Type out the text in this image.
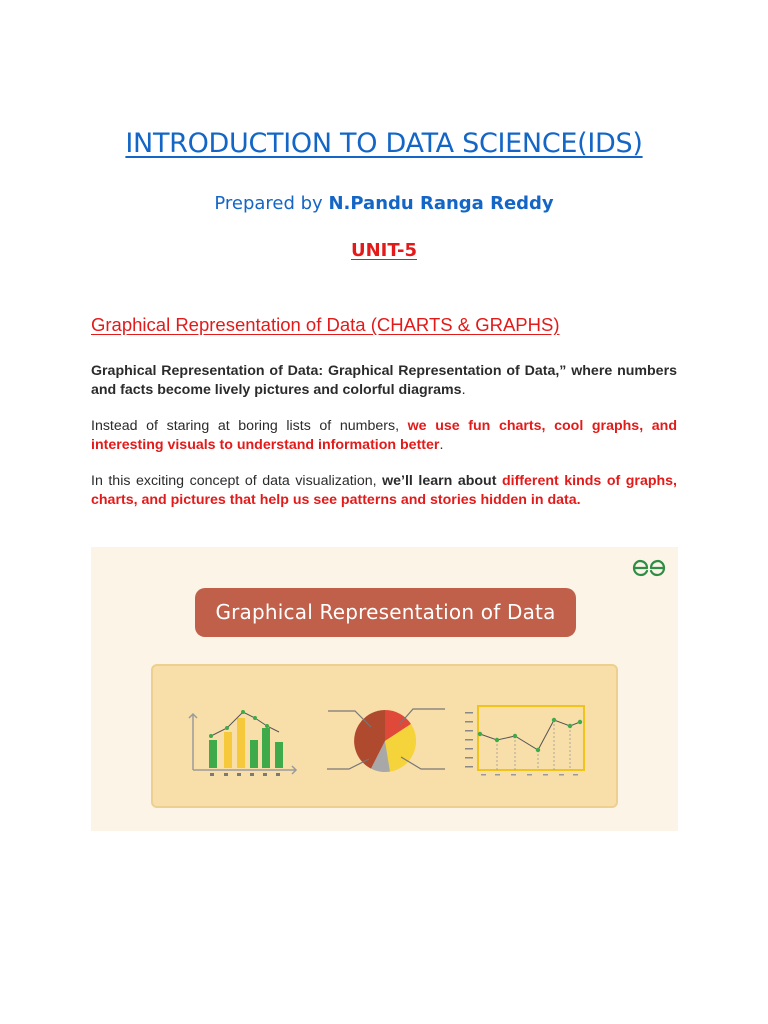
INTRODUCTION TO DATA SCIENCE(IDS)
Prepared by N.Pandu Ranga Reddy
UNIT-5
Graphical Representation of Data (CHARTS & GRAPHS)

Graphical Representation of Data: Graphical Representation of Data,” where numbers and facts become lively pictures and colorful diagrams.

Instead of staring at boring lists of numbers, we use fun charts, cool graphs, and interesting visuals to understand information better.

In this exciting concept of data visualization, we’ll learn about different kinds of graphs, charts, and pictures that help us see patterns and stories hidden in data.

Graphical Representation of Data
